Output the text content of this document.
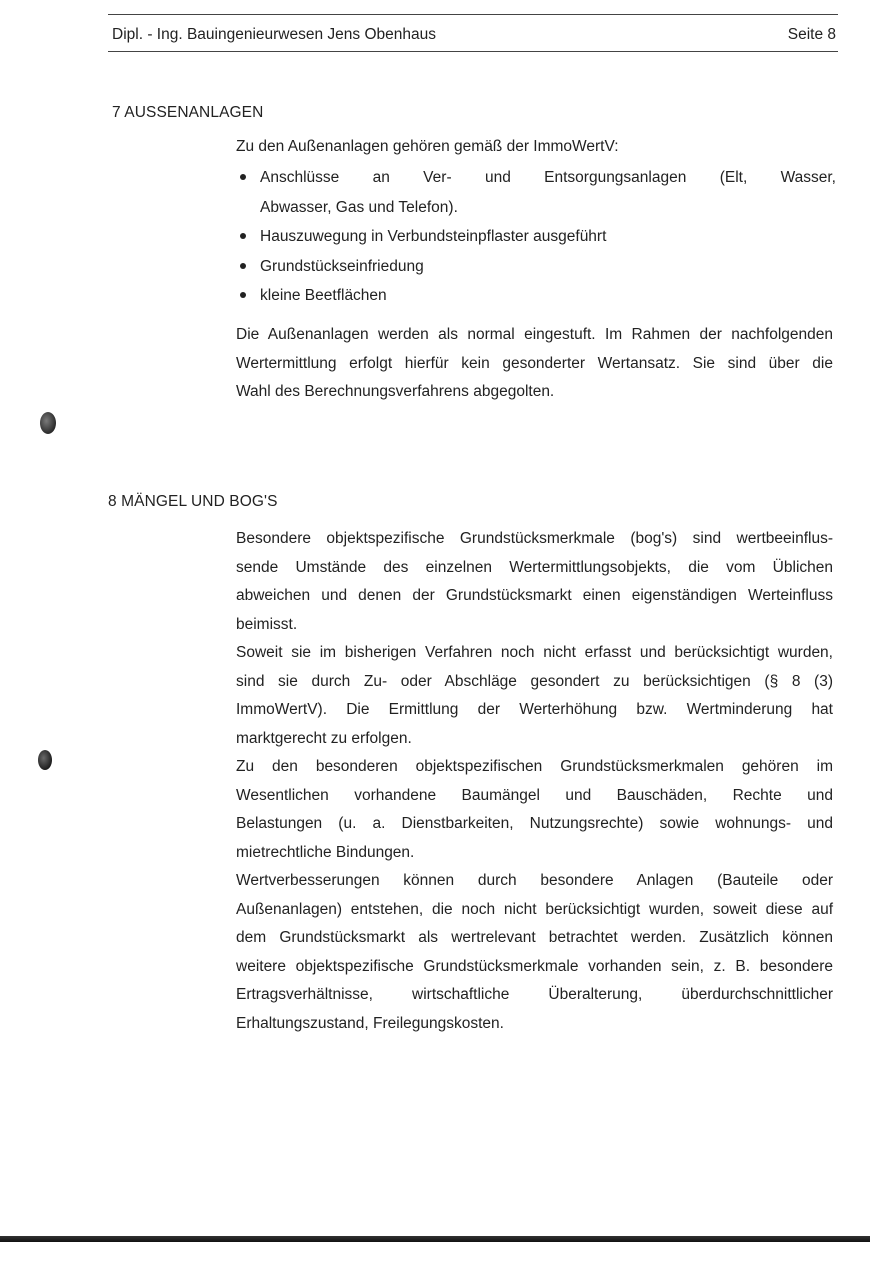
Dipl. - Ing. Bauingenieurwesen Jens Obenhaus	Seite 8
7 AUSSENANLAGEN
Zu den Außenanlagen gehören gemäß der ImmoWertV:
Anschlüsse an Ver- und Entsorgungsanlagen (Elt, Wasser,
Abwasser, Gas und Telefon).
Hauszuwegung in Verbundsteinpflaster ausgeführt
Grundstückseinfriedung
kleine Beetflächen
Die Außenanlagen werden als normal eingestuft. Im Rahmen der nachfolgenden
Wertermittlung erfolgt hierfür kein gesonderter Wertansatz. Sie sind über die
Wahl des Berechnungsverfahrens abgegolten.
8 MÄNGEL UND BOG'S
Besondere objektspezifische Grundstücksmerkmale (bog's) sind wertbeeinflus-
sende Umstände des einzelnen Wertermittlungsobjekts, die vom Üblichen
abweichen und denen der Grundstücksmarkt einen eigenständigen Werteinfluss
beimisst.
Soweit sie im bisherigen Verfahren noch nicht erfasst und berücksichtigt wurden,
sind sie durch Zu- oder Abschläge gesondert zu berücksichtigen (§ 8 (3)
ImmoWertV). Die Ermittlung der Werterhöhung bzw. Wertminderung hat
marktgerecht zu erfolgen.
Zu den besonderen objektspezifischen Grundstücksmerkmalen gehören im
Wesentlichen vorhandene Baumängel und Bauschäden, Rechte und
Belastungen (u. a. Dienstbarkeiten, Nutzungsrechte) sowie wohnungs- und
mietrechtliche Bindungen.
Wertverbesserungen können durch besondere Anlagen (Bauteile oder
Außenanlagen) entstehen, die noch nicht berücksichtigt wurden, soweit diese auf
dem Grundstücksmarkt als wertrelevant betrachtet werden. Zusätzlich können
weitere objektspezifische Grundstücksmerkmale vorhanden sein, z. B. besondere
Ertragsverhältnisse, wirtschaftliche Überalterung, überdurchschnittlicher
Erhaltungszustand, Freilegungskosten.
